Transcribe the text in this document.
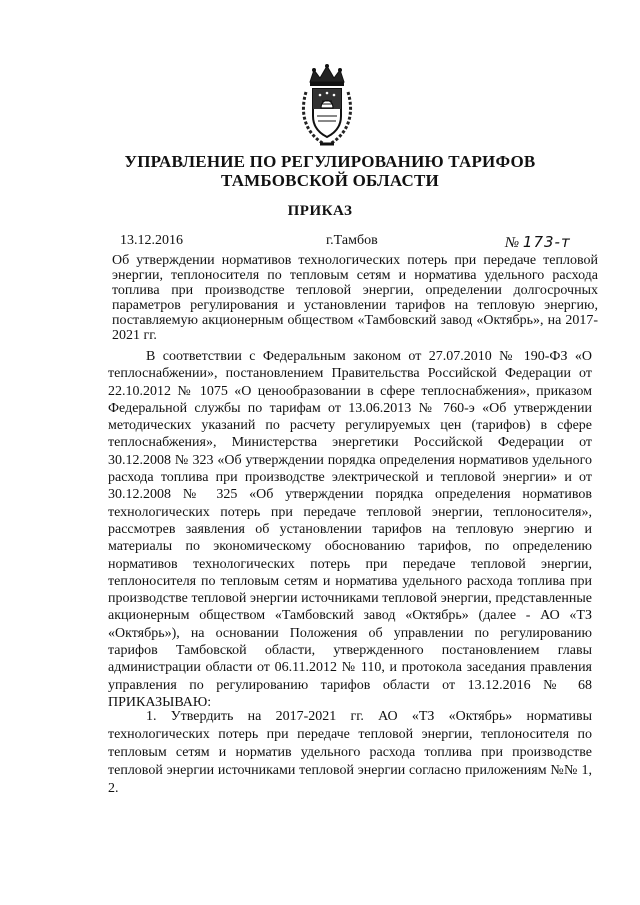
УПРАВЛЕНИЕ ПО РЕГУЛИРОВАНИЮ ТАРИФОВ
ТАМБОВСКОЙ ОБЛАСТИ
ПРИКАЗ
13.12.2016	г.Тамбов	№ 173-т
Об утверждении нормативов технологических потерь при передаче тепловой энергии, теплоносителя по тепловым сетям и норматива удельного расхода топлива при производстве тепловой энергии, определении долгосрочных параметров регулирования и установлении тарифов на тепловую энергию, поставляемую акционерным обществом «Тамбовский завод «Октябрь», на 2017-2021 гг.

В соответствии с Федеральным законом от 27.07.2010 № 190-ФЗ «О теплоснабжении», постановлением Правительства Российской Федерации от 22.10.2012 № 1075 «О ценообразовании в сфере теплоснабжения», приказом Федеральной службы по тарифам от 13.06.2013 № 760-э «Об утверждении методических указаний по расчету регулируемых цен (тарифов) в сфере теплоснабжения», Министерства энергетики Российской Федерации от 30.12.2008 № 323 «Об утверждении порядка определения нормативов удельного расхода топлива при производстве электрической и тепловой энергии» и от 30.12.2008 № 325 «Об утверждении порядка определения нормативов технологических потерь при передаче тепловой энергии, теплоносителя», рассмотрев заявления об установлении тарифов на тепловую энергию и материалы по экономическому обоснованию тарифов, по определению нормативов технологических потерь при передаче тепловой энергии, теплоносителя по тепловым сетям и норматива удельного расхода топлива при производстве тепловой энергии источниками тепловой энергии, представленные акционерным обществом «Тамбовский завод «Октябрь» (далее - АО «ТЗ «Октябрь»), на основании Положения об управлении по регулированию тарифов Тамбовской области, утвержденного постановлением главы администрации области от 06.11.2012 № 110, и протокола заседания правления управления по регулированию тарифов области от 13.12.2016 № 68 ПРИКАЗЫВАЮ:

1. Утвердить на 2017-2021 гг. АО «ТЗ «Октябрь» нормативы технологических потерь при передаче тепловой энергии, теплоносителя по тепловым сетям и норматив удельного расхода топлива при производстве тепловой энергии источниками тепловой энергии согласно приложениям №№ 1, 2.
